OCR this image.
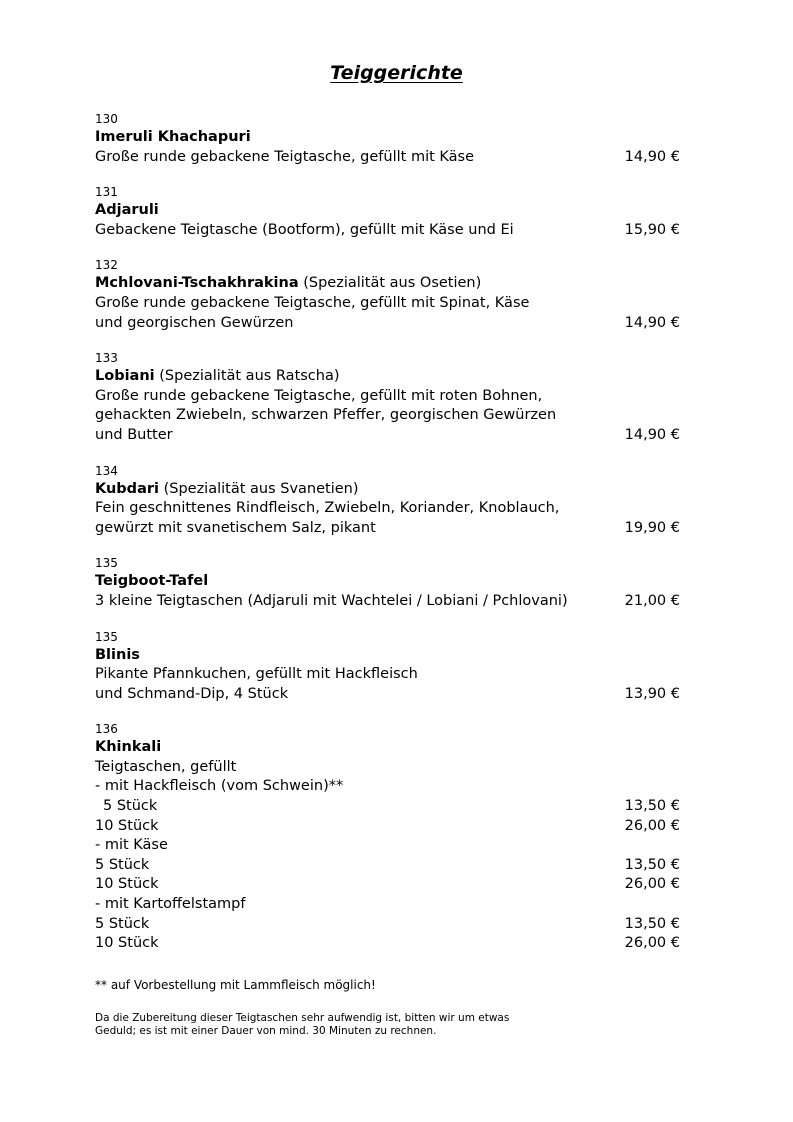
Teiggerichte
130
Imeruli Khachapuri
Große runde gebackene Teigtasche, gefüllt mit Käse	14,90 €
131
Adjaruli
Gebackene Teigtasche (Bootform), gefüllt mit Käse und Ei	15,90 €
132
Mchlovani-Tschakhrakina (Spezialität aus Osetien)
Große runde gebackene Teigtasche, gefüllt mit Spinat, Käse
und georgischen Gewürzen	14,90 €
133
Lobiani (Spezialität aus Ratscha)
Große runde gebackene Teigtasche, gefüllt mit roten Bohnen,
gehackten Zwiebeln, schwarzen Pfeffer, georgischen Gewürzen
und Butter	14,90 €
134
Kubdari (Spezialität aus Svanetien)
Fein geschnittenes Rindfleisch, Zwiebeln, Koriander, Knoblauch,
gewürzt mit svanetischem Salz, pikant	19,90 €
135
Teigboot-Tafel
3 kleine Teigtaschen (Adjaruli mit Wachtelei / Lobiani / Pchlovani)	21,00 €
135
Blinis
Pikante Pfannkuchen, gefüllt mit Hackfleisch
und Schmand-Dip, 4 Stück	13,90 €
136
Khinkali
Teigtaschen, gefüllt
- mit Hackfleisch (vom Schwein)**
5 Stück	13,50 €
10 Stück	26,00 €
- mit Käse
5 Stück	13,50 €
10 Stück	26,00 €
- mit Kartoffelstampf
5 Stück	13,50 €
10 Stück	26,00 €
** auf Vorbestellung mit Lammfleisch möglich!
Da die Zubereitung dieser Teigtaschen sehr aufwendig ist, bitten wir um etwas
Geduld; es ist mit einer Dauer von mind. 30 Minuten zu rechnen.
